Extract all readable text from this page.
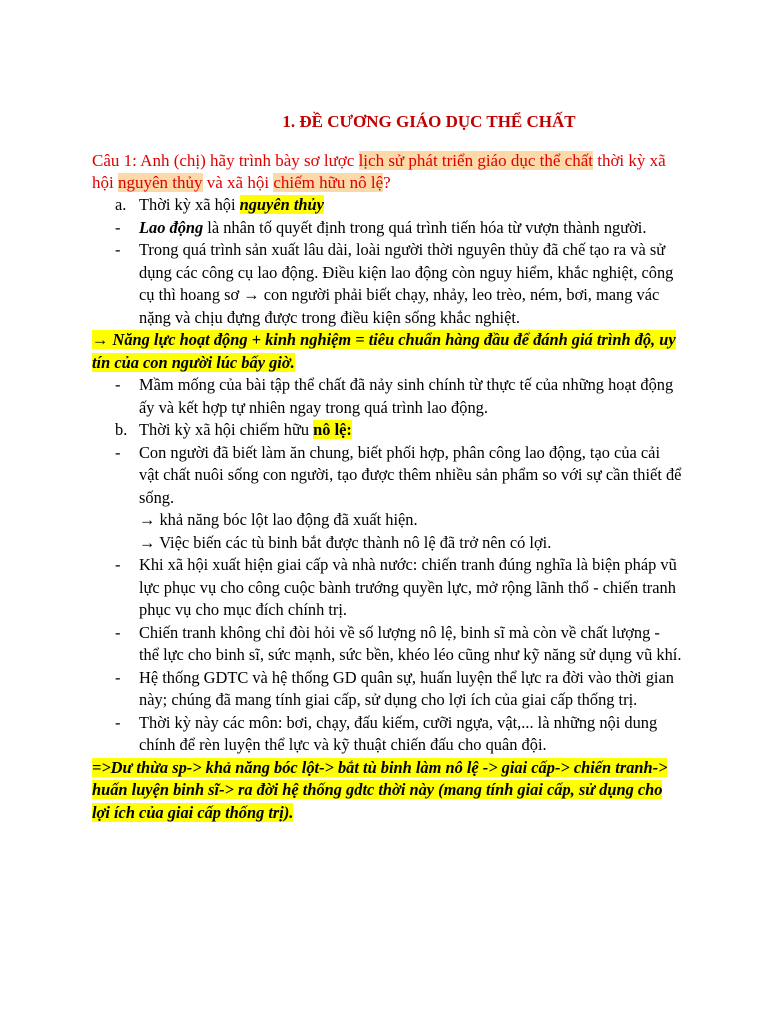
1. ĐỀ CƯƠNG GIÁO DỤC THỂ CHẤT
Câu 1: Anh (chị) hãy trình bày sơ lược lịch sử phát triển giáo dục thể chất thời kỳ xã hội nguyên thủy và xã hội chiếm hữu nô lệ?
a. Thời kỳ xã hội nguyên thủy
- Lao động là nhân tố quyết định trong quá trình tiến hóa từ vượn thành người.
- Trong quá trình sản xuất lâu dài, loài người thời nguyên thủy đã chế tạo ra và sử dụng các công cụ lao động. Điều kiện lao động còn nguy hiểm, khắc nghiệt, công cụ thì hoang sơ → con người phải biết chạy, nhảy, leo trèo, ném, bơi, mang vác nặng và chịu đựng được trong điều kiện sống khắc nghiệt.
→ Năng lực hoạt động + kinh nghiệm = tiêu chuẩn hàng đầu để đánh giá trình độ, uy tín của con người lúc bấy giờ.
- Mầm mống của bài tập thể chất đã nảy sinh chính từ thực tế của những hoạt động ấy và kết hợp tự nhiên ngay trong quá trình lao động.
b. Thời kỳ xã hội chiếm hữu nô lệ:
- Con người đã biết làm ăn chung, biết phối hợp, phân công lao động, tạo của cải vật chất nuôi sống con người, tạo được thêm nhiều sản phẩm so với sự cần thiết để sống.
→ khả năng bóc lột lao động đã xuất hiện.
→ Việc biến các tù binh bắt được thành nô lệ đã trở nên có lợi.
- Khi xã hội xuất hiện giai cấp và nhà nước: chiến tranh đúng nghĩa là biện pháp vũ lực phục vụ cho công cuộc bành trướng quyền lực, mở rộng lãnh thổ - chiến tranh phục vụ cho mục đích chính trị.
- Chiến tranh không chỉ đòi hỏi về số lượng nô lệ, binh sĩ mà còn về chất lượng - thể lực cho binh sĩ, sức mạnh, sức bền, khéo léo cũng như kỹ năng sử dụng vũ khí.
- Hệ thống GDTC và hệ thống GD quân sự, huấn luyện thể lực ra đời vào thời gian này; chúng đã mang tính giai cấp, sử dụng cho lợi ích của giai cấp thống trị.
- Thời kỳ này các môn: bơi, chạy, đấu kiếm, cưỡi ngựa, vật,... là những nội dung chính để rèn luyện thể lực và kỹ thuật chiến đấu cho quân đội.
=>Dư thừa sp-> khả năng bóc lột-> bắt tù binh làm nô lệ -> giai cấp-> chiến tranh-> huấn luyện binh sĩ-> ra đời hệ thống gdtc thời này (mang tính giai cấp, sử dụng cho lợi ích của giai cấp thống trị).
